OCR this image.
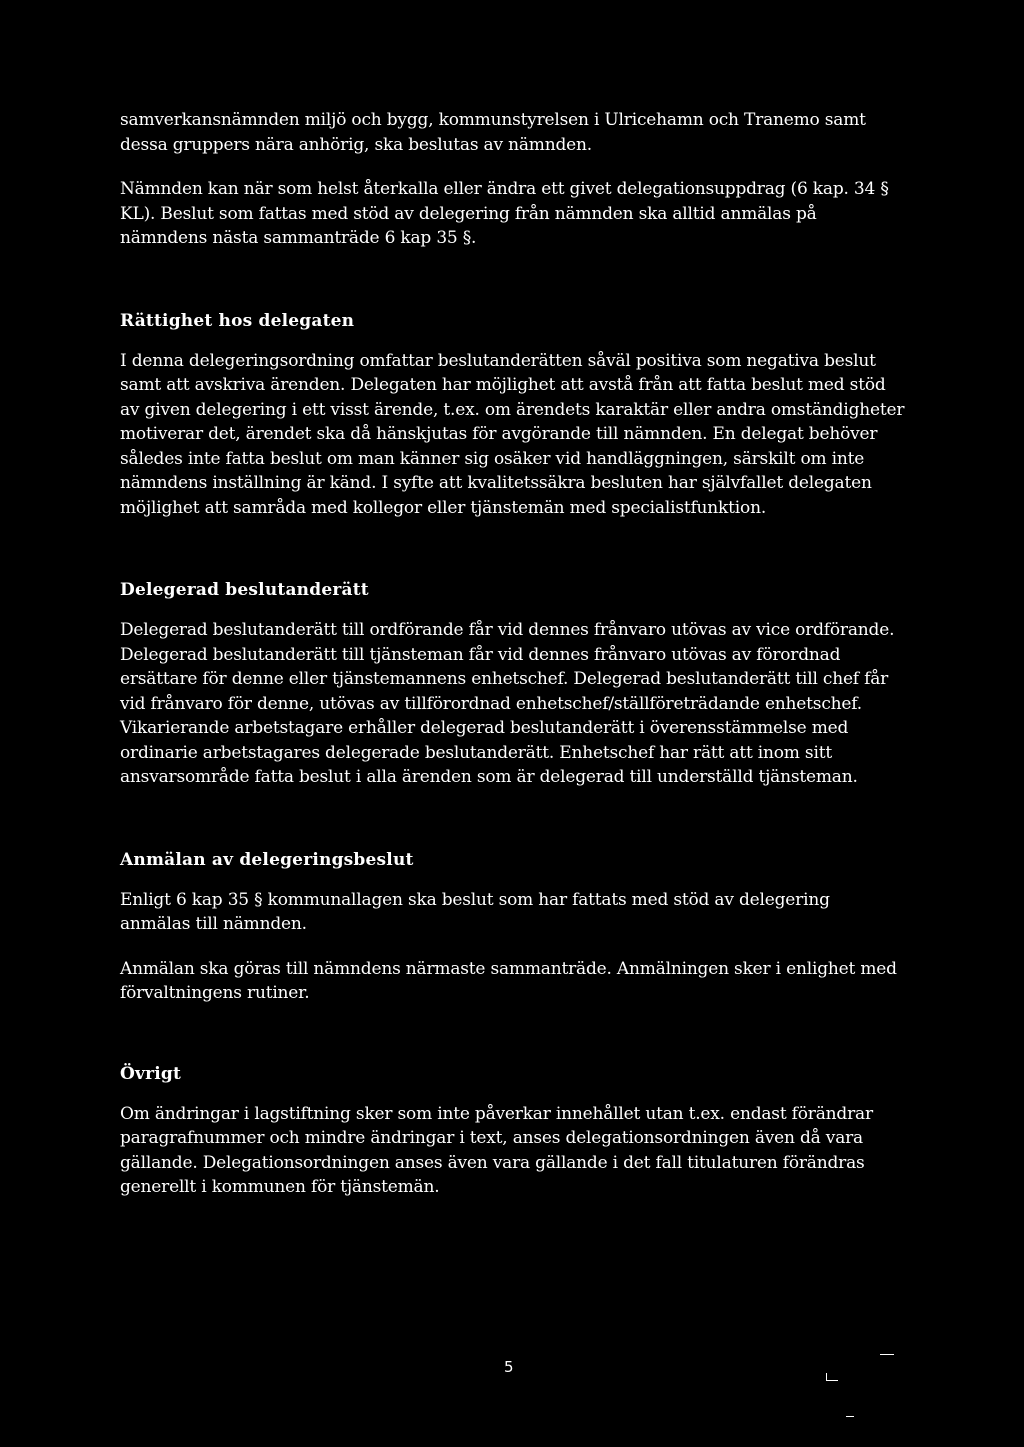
samverkansnämnden miljö och bygg, kommunstyrelsen i Ulricehamn och Tranemo samt dessa gruppers nära anhörig, ska beslutas av nämnden.

Nämnden kan när som helst återkalla eller ändra ett givet delegationsuppdrag (6 kap. 34 § KL). Beslut som fattas med stöd av delegering från nämnden ska alltid anmälas på nämndens nästa sammanträde 6 kap 35 §.

Rättighet hos delegaten

I denna delegeringsordning omfattar beslutanderätten såväl positiva som negativa beslut samt att avskriva ärenden. Delegaten har möjlighet att avstå från att fatta beslut med stöd av given delegering i ett visst ärende, t.ex. om ärendets karaktär eller andra omständigheter motiverar det, ärendet ska då hänskjutas för avgörande till nämnden. En delegat behöver således inte fatta beslut om man känner sig osäker vid handläggningen, särskilt om inte nämndens inställning är känd. I syfte att kvalitetssäkra besluten har självfallet delegaten möjlighet att samråda med kollegor eller tjänstemän med specialistfunktion.

Delegerad beslutanderätt

Delegerad beslutanderätt till ordförande får vid dennes frånvaro utövas av vice ordförande. Delegerad beslutanderätt till tjänsteman får vid dennes frånvaro utövas av förordnad ersättare för denne eller tjänstemannens enhetschef. Delegerad beslutanderätt till chef får vid frånvaro för denne, utövas av tillförordnad enhetschef/ställföreträdande enhetschef. Vikarierande arbetstagare erhåller delegerad beslutanderätt i överensstämmelse med ordinarie arbetstagares delegerade beslutanderätt. Enhetschef har rätt att inom sitt ansvarsområde fatta beslut i alla ärenden som är delegerad till underställd tjänsteman.

Anmälan av delegeringsbeslut

Enligt 6 kap 35 § kommunallagen ska beslut som har fattats med stöd av delegering anmälas till nämnden.

Anmälan ska göras till nämndens närmaste sammanträde. Anmälningen sker i enlighet med förvaltningens rutiner.

Övrigt

Om ändringar i lagstiftning sker som inte påverkar innehållet utan t.ex. endast förändrar paragrafnummer och mindre ändringar i text, anses delegationsordningen även då vara gällande. Delegationsordningen anses även vara gällande i det fall titulaturen förändras generellt i kommunen för tjänstemän.

5
